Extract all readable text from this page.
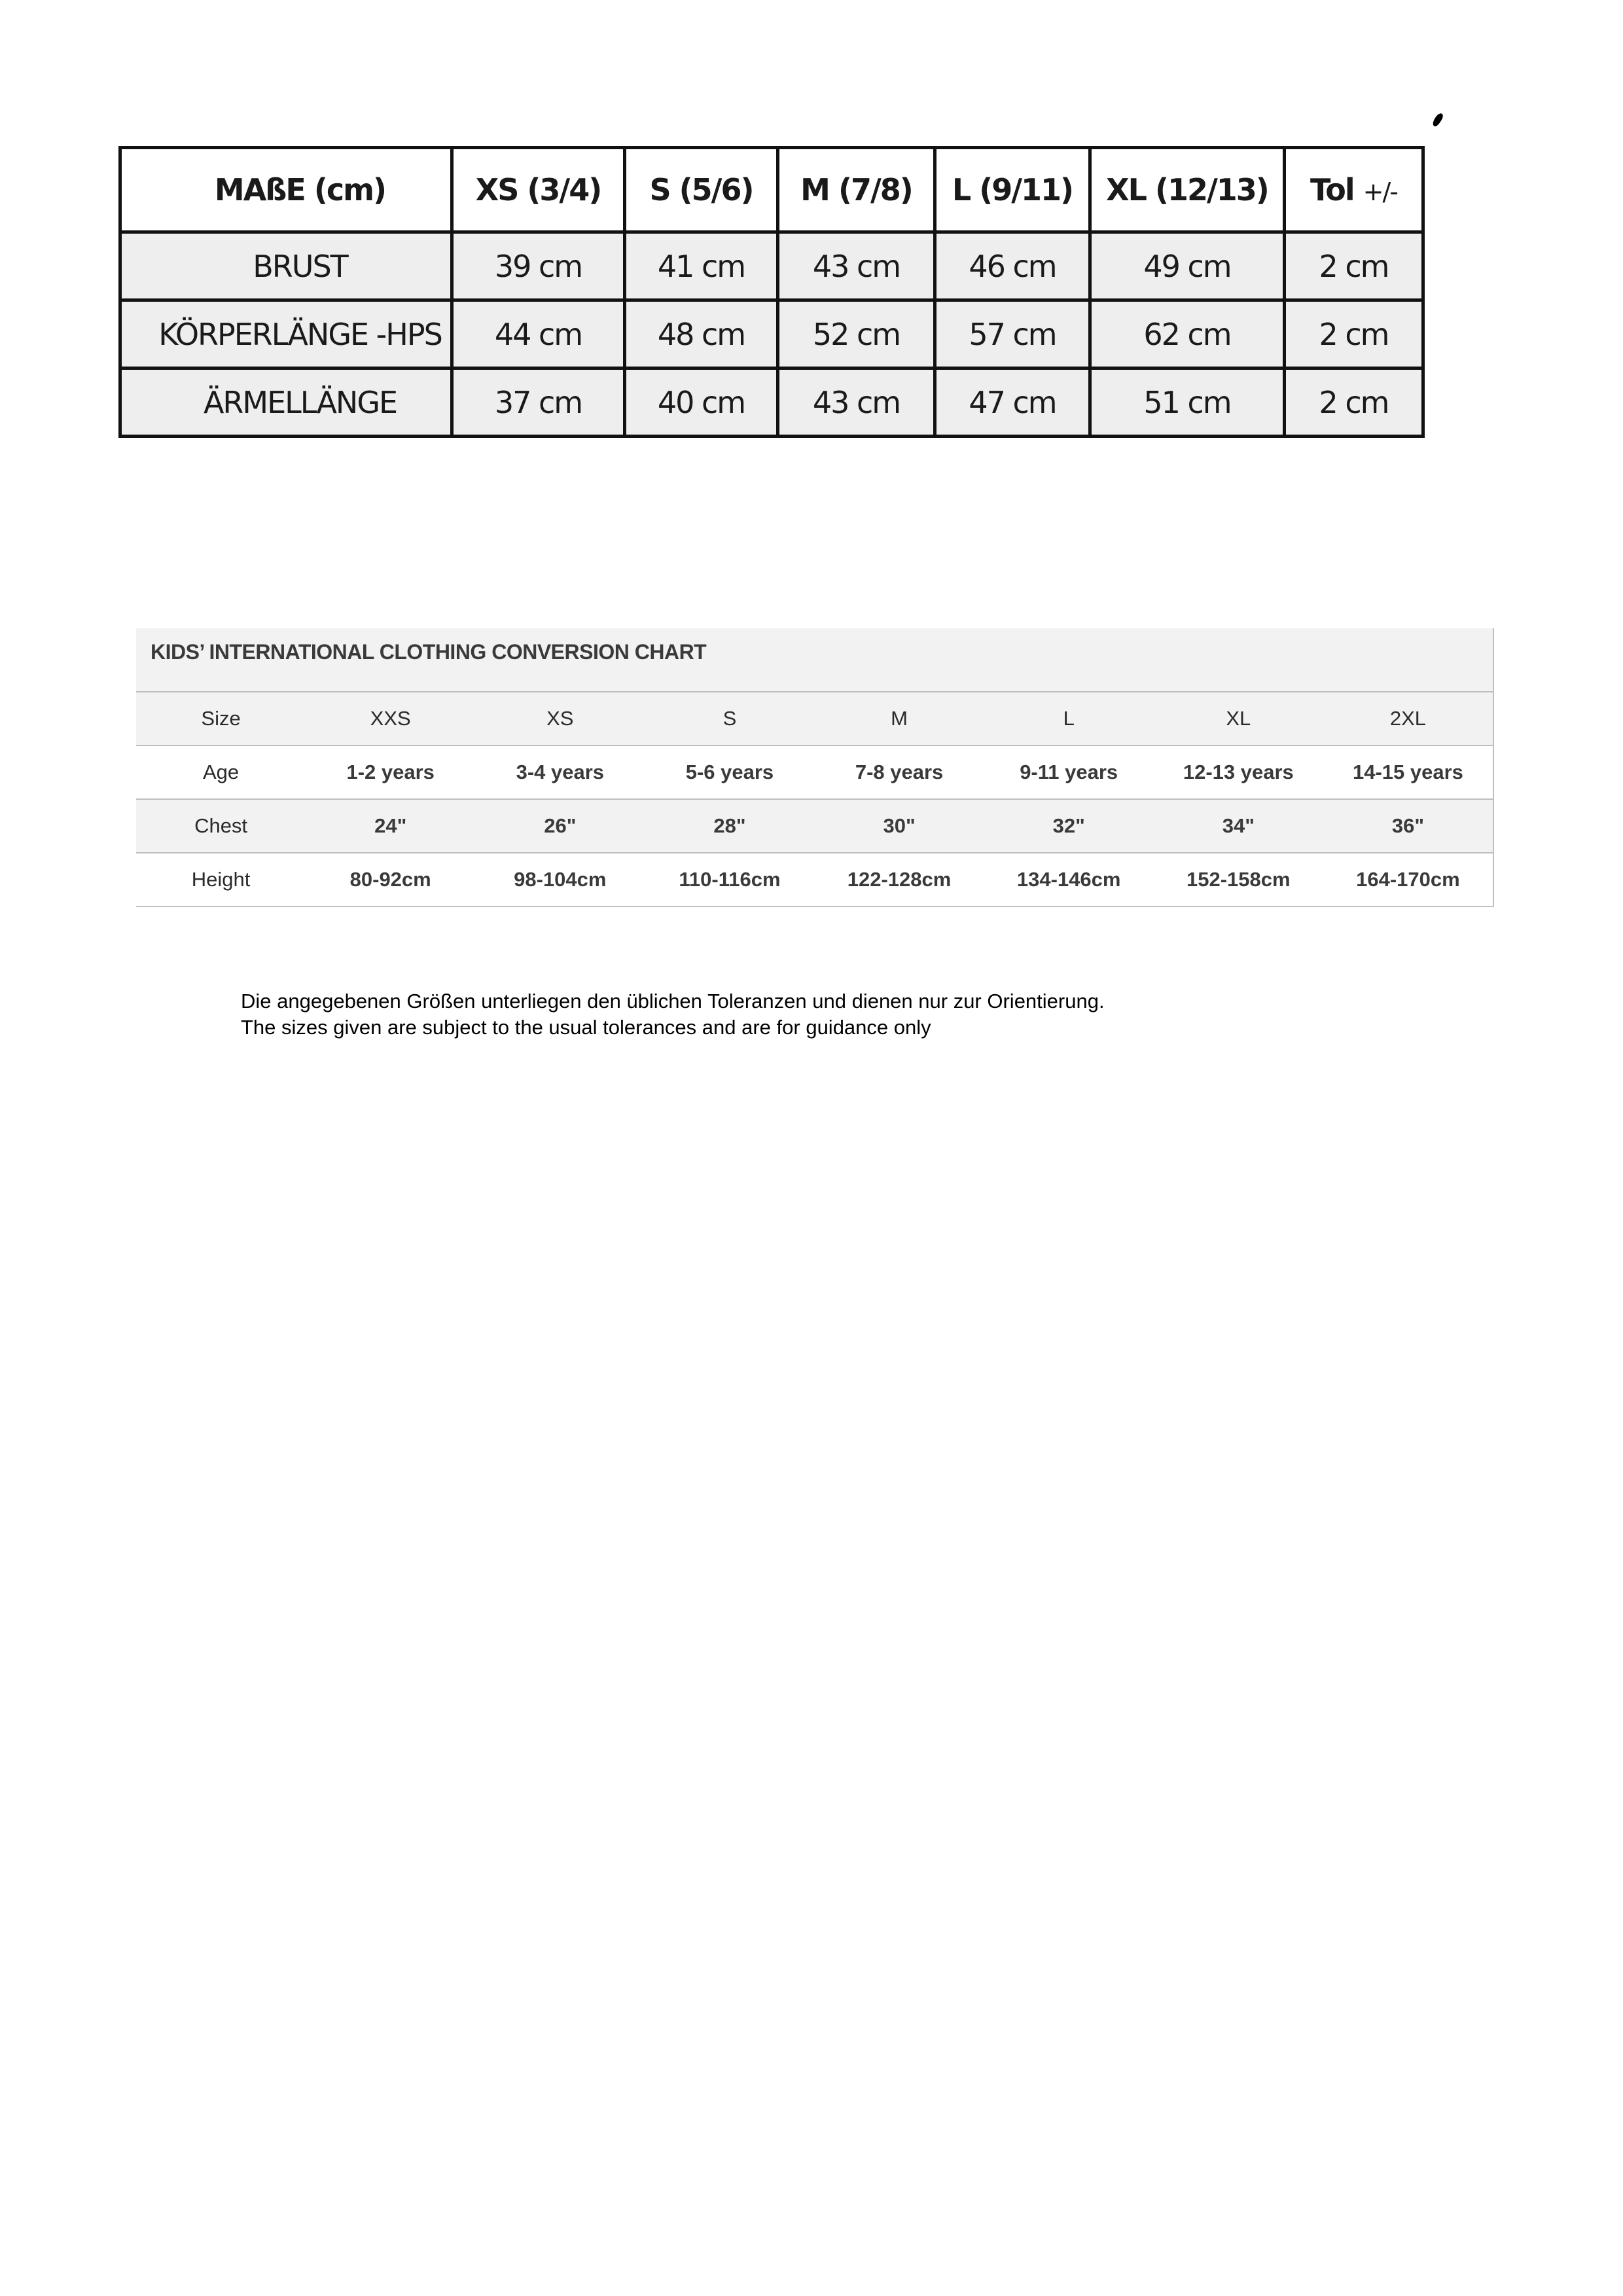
MAßE (cm)	XS (3/4)	S (5/6)	M (7/8)	L (9/11)	XL (12/13)	Tol +/-
BRUST	39 cm	41 cm	43 cm	46 cm	49 cm	2 cm
KÖRPERLÄNGE -HPS	44 cm	48 cm	52 cm	57 cm	62 cm	2 cm
ÄRMELLÄNGE	37 cm	40 cm	43 cm	47 cm	51 cm	2 cm
KIDS’ INTERNATIONAL CLOTHING CONVERSION CHART
Size	XXS	XS	S	M	L	XL	2XL
Age	1-2 years	3-4 years	5-6 years	7-8 years	9-11 years	12-13 years	14-15 years
Chest	24"	26"	28"	30"	32"	34"	36"
Height	80-92cm	98-104cm	110-116cm	122-128cm	134-146cm	152-158cm	164-170cm
Die angegebenen Größen unterliegen den üblichen Toleranzen und dienen nur zur Orientierung.
The sizes given are subject to the usual tolerances and are for guidance only
